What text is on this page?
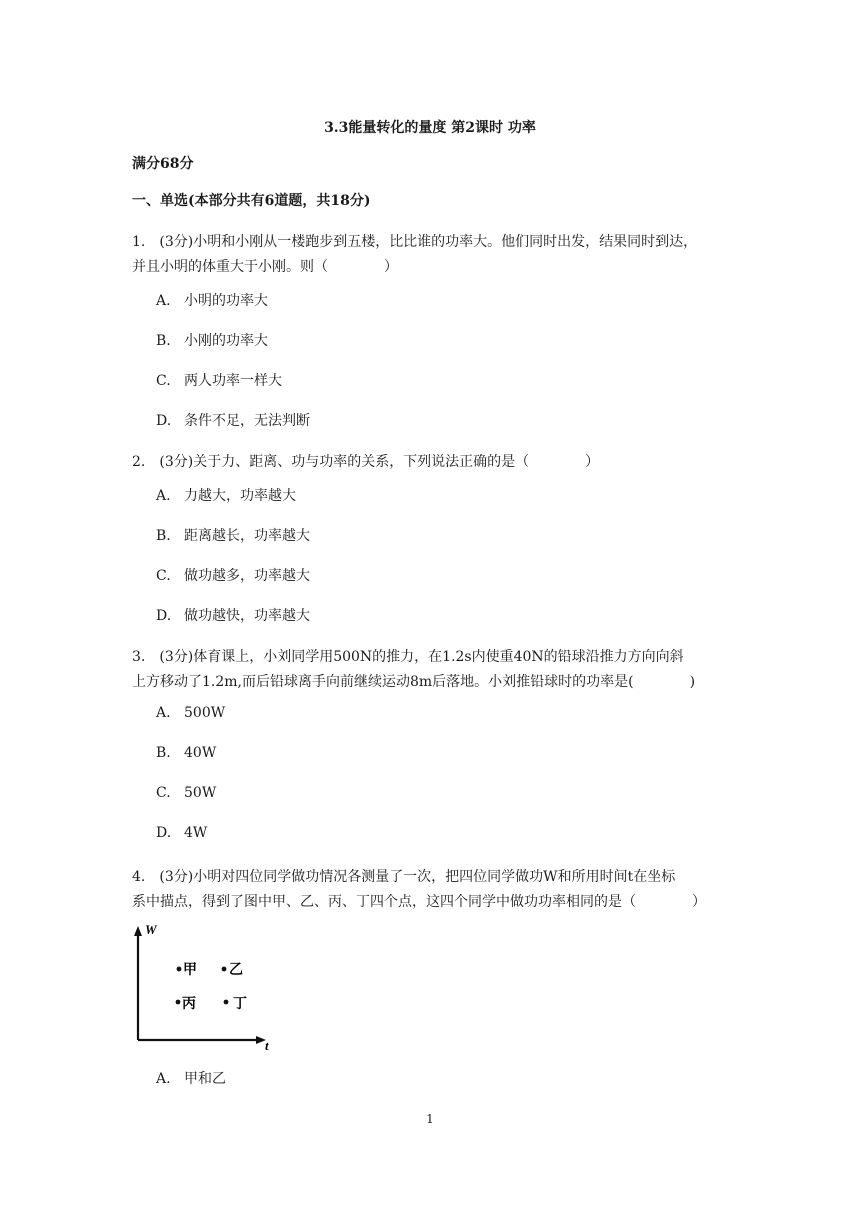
3.3能量转化的量度 第2课时 功率
满分68分
一、单选(本部分共有6道题，共18分)
1.　(3分)小明和小刚从一楼跑步到五楼，比比谁的功率大。他们同时出发，结果同时到达，
并且小明的体重大于小刚。则（　　　　）
A. 小明的功率大
B. 小刚的功率大
C. 两人功率一样大
D. 条件不足，无法判断
2.　(3分)关于力、距离、功与功率的关系，下列说法正确的是（　　　　）
A. 力越大，功率越大
B. 距离越长，功率越大
C. 做功越多，功率越大
D. 做功越快，功率越大
3.　(3分)体育课上，小刘同学用500N的推力，在1.2s内使重40N的铅球沿推力方向向斜
上方移动了1.2m,而后铅球离手向前继续运动8m后落地。小刘推铅球时的功率是(　　　　)
A. 500W
B. 40W
C. 50W
D. 4W
4.　(3分)小明对四位同学做功情况各测量了一次，把四位同学做功W和所用时间t在坐标
系中描点，得到了图中甲、乙、丙、丁四个点，这四个同学中做功功率相同的是（　　　　）
W
t
甲 乙
丙	丁
A. 甲和乙
1
